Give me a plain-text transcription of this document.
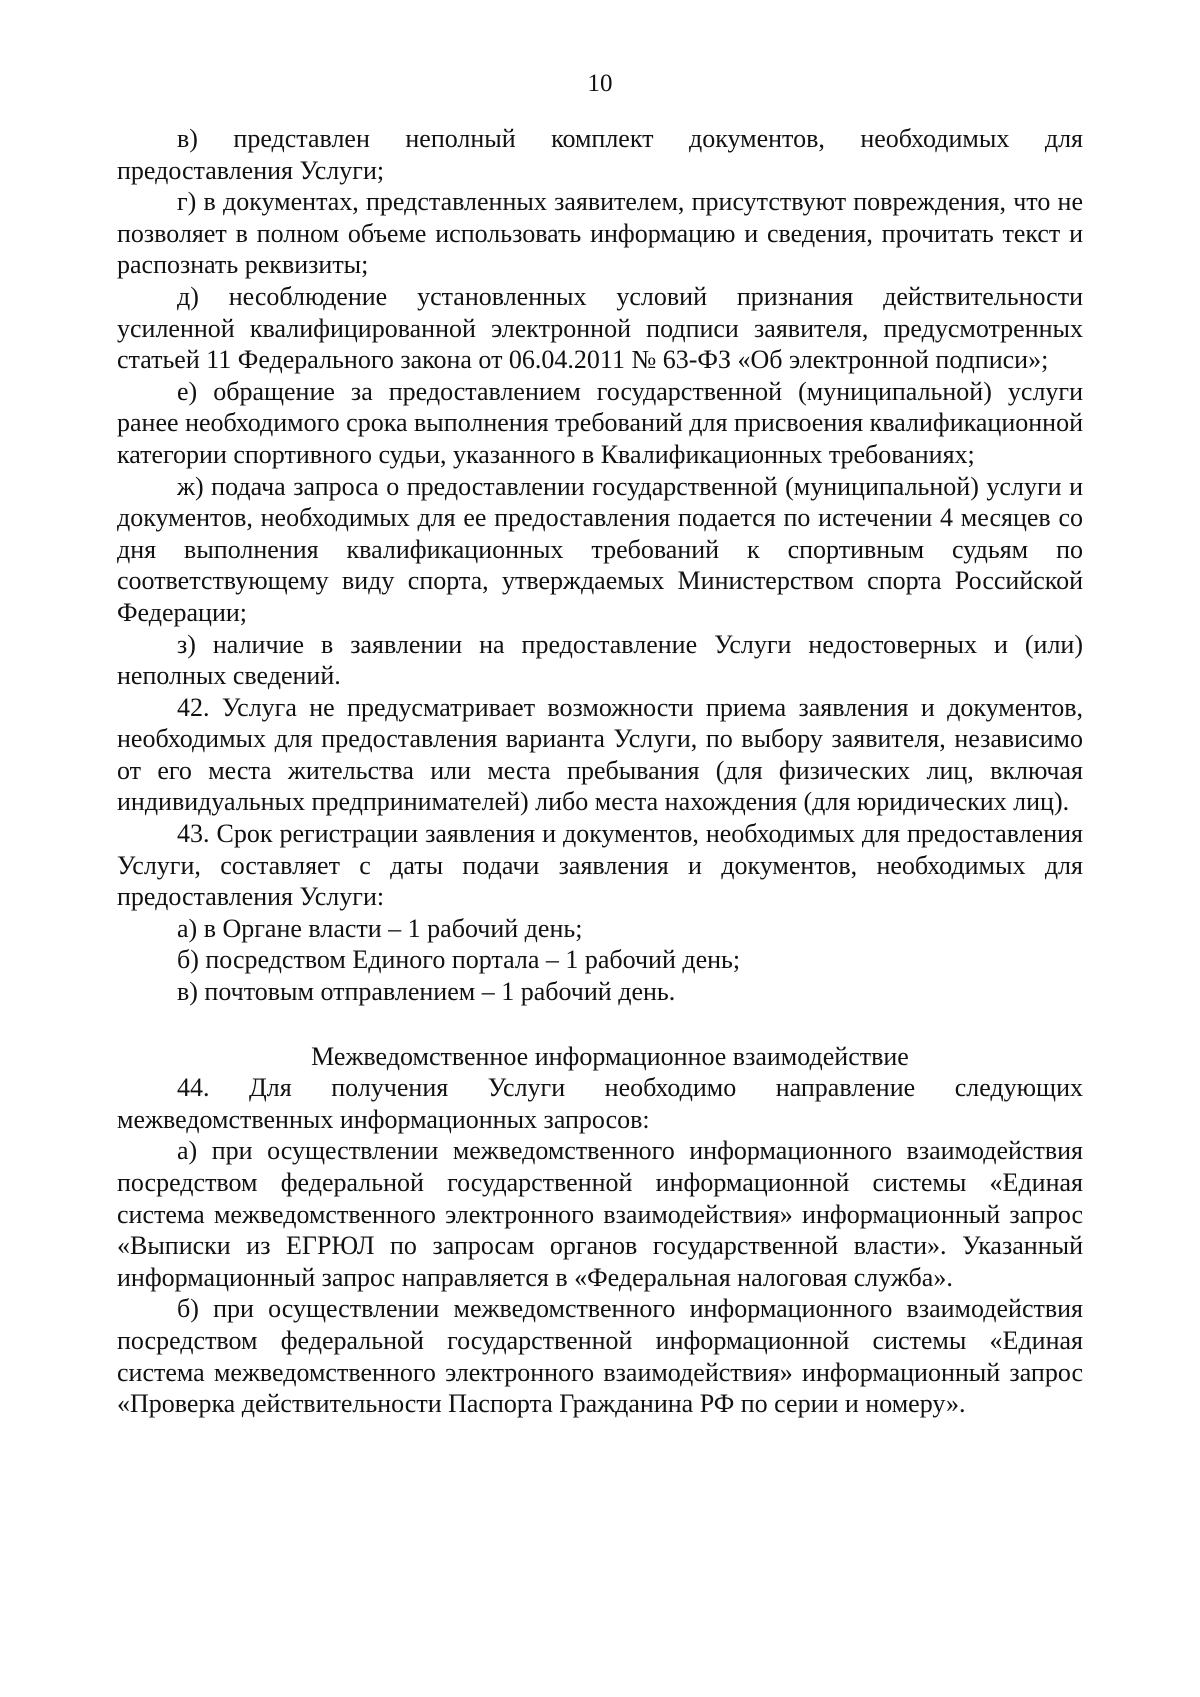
10

в) представлен неполный комплект документов, необходимых для предоставления Услуги;

г) в документах, представленных заявителем, присутствуют повреждения, что не позволяет в полном объеме использовать информацию и сведения, прочитать текст и распознать реквизиты;

д) несоблюдение установленных условий признания действительности усиленной квалифицированной электронной подписи заявителя, предусмотренных статьей 11 Федерального закона от 06.04.2011 № 63-ФЗ «Об электронной подписи»;

е) обращение за предоставлением государственной (муниципальной) услуги ранее необходимого срока выполнения требований для присвоения квалификационной категории спортивного судьи, указанного в Квалификационных требованиях;

ж) подача запроса о предоставлении государственной (муниципальной) услуги и документов, необходимых для ее предоставления подается по истечении 4 месяцев со дня выполнения квалификационных требований к спортивным судьям по соответствующему виду спорта, утверждаемых Министерством спорта Российской Федерации;

з) наличие в заявлении на предоставление Услуги недостоверных и (или) неполных сведений.

42. Услуга не предусматривает возможности приема заявления и документов, необходимых для предоставления варианта Услуги, по выбору заявителя, независимо от его места жительства или места пребывания (для физических лиц, включая индивидуальных предпринимателей) либо места нахождения (для юридических лиц).

43. Срок регистрации заявления и документов, необходимых для предоставления Услуги, составляет с даты подачи заявления и документов, необходимых для предоставления Услуги:

а) в Органе власти – 1 рабочий день;

б) посредством Единого портала – 1 рабочий день;

в) почтовым отправлением – 1 рабочий день.

Межведомственное информационное взаимодействие

44. Для получения Услуги необходимо направление следующих межведомственных информационных запросов:

а) при осуществлении межведомственного информационного взаимодействия посредством федеральной государственной информационной системы «Единая система межведомственного электронного взаимодействия» информационный запрос «Выписки из ЕГРЮЛ по запросам органов государственной власти». Указанный информационный запрос направляется в «Федеральная налоговая служба».

б) при осуществлении межведомственного информационного взаимодействия посредством федеральной государственной информационной системы «Единая система межведомственного электронного взаимодействия» информационный запрос «Проверка действительности Паспорта Гражданина РФ по серии и номеру».
